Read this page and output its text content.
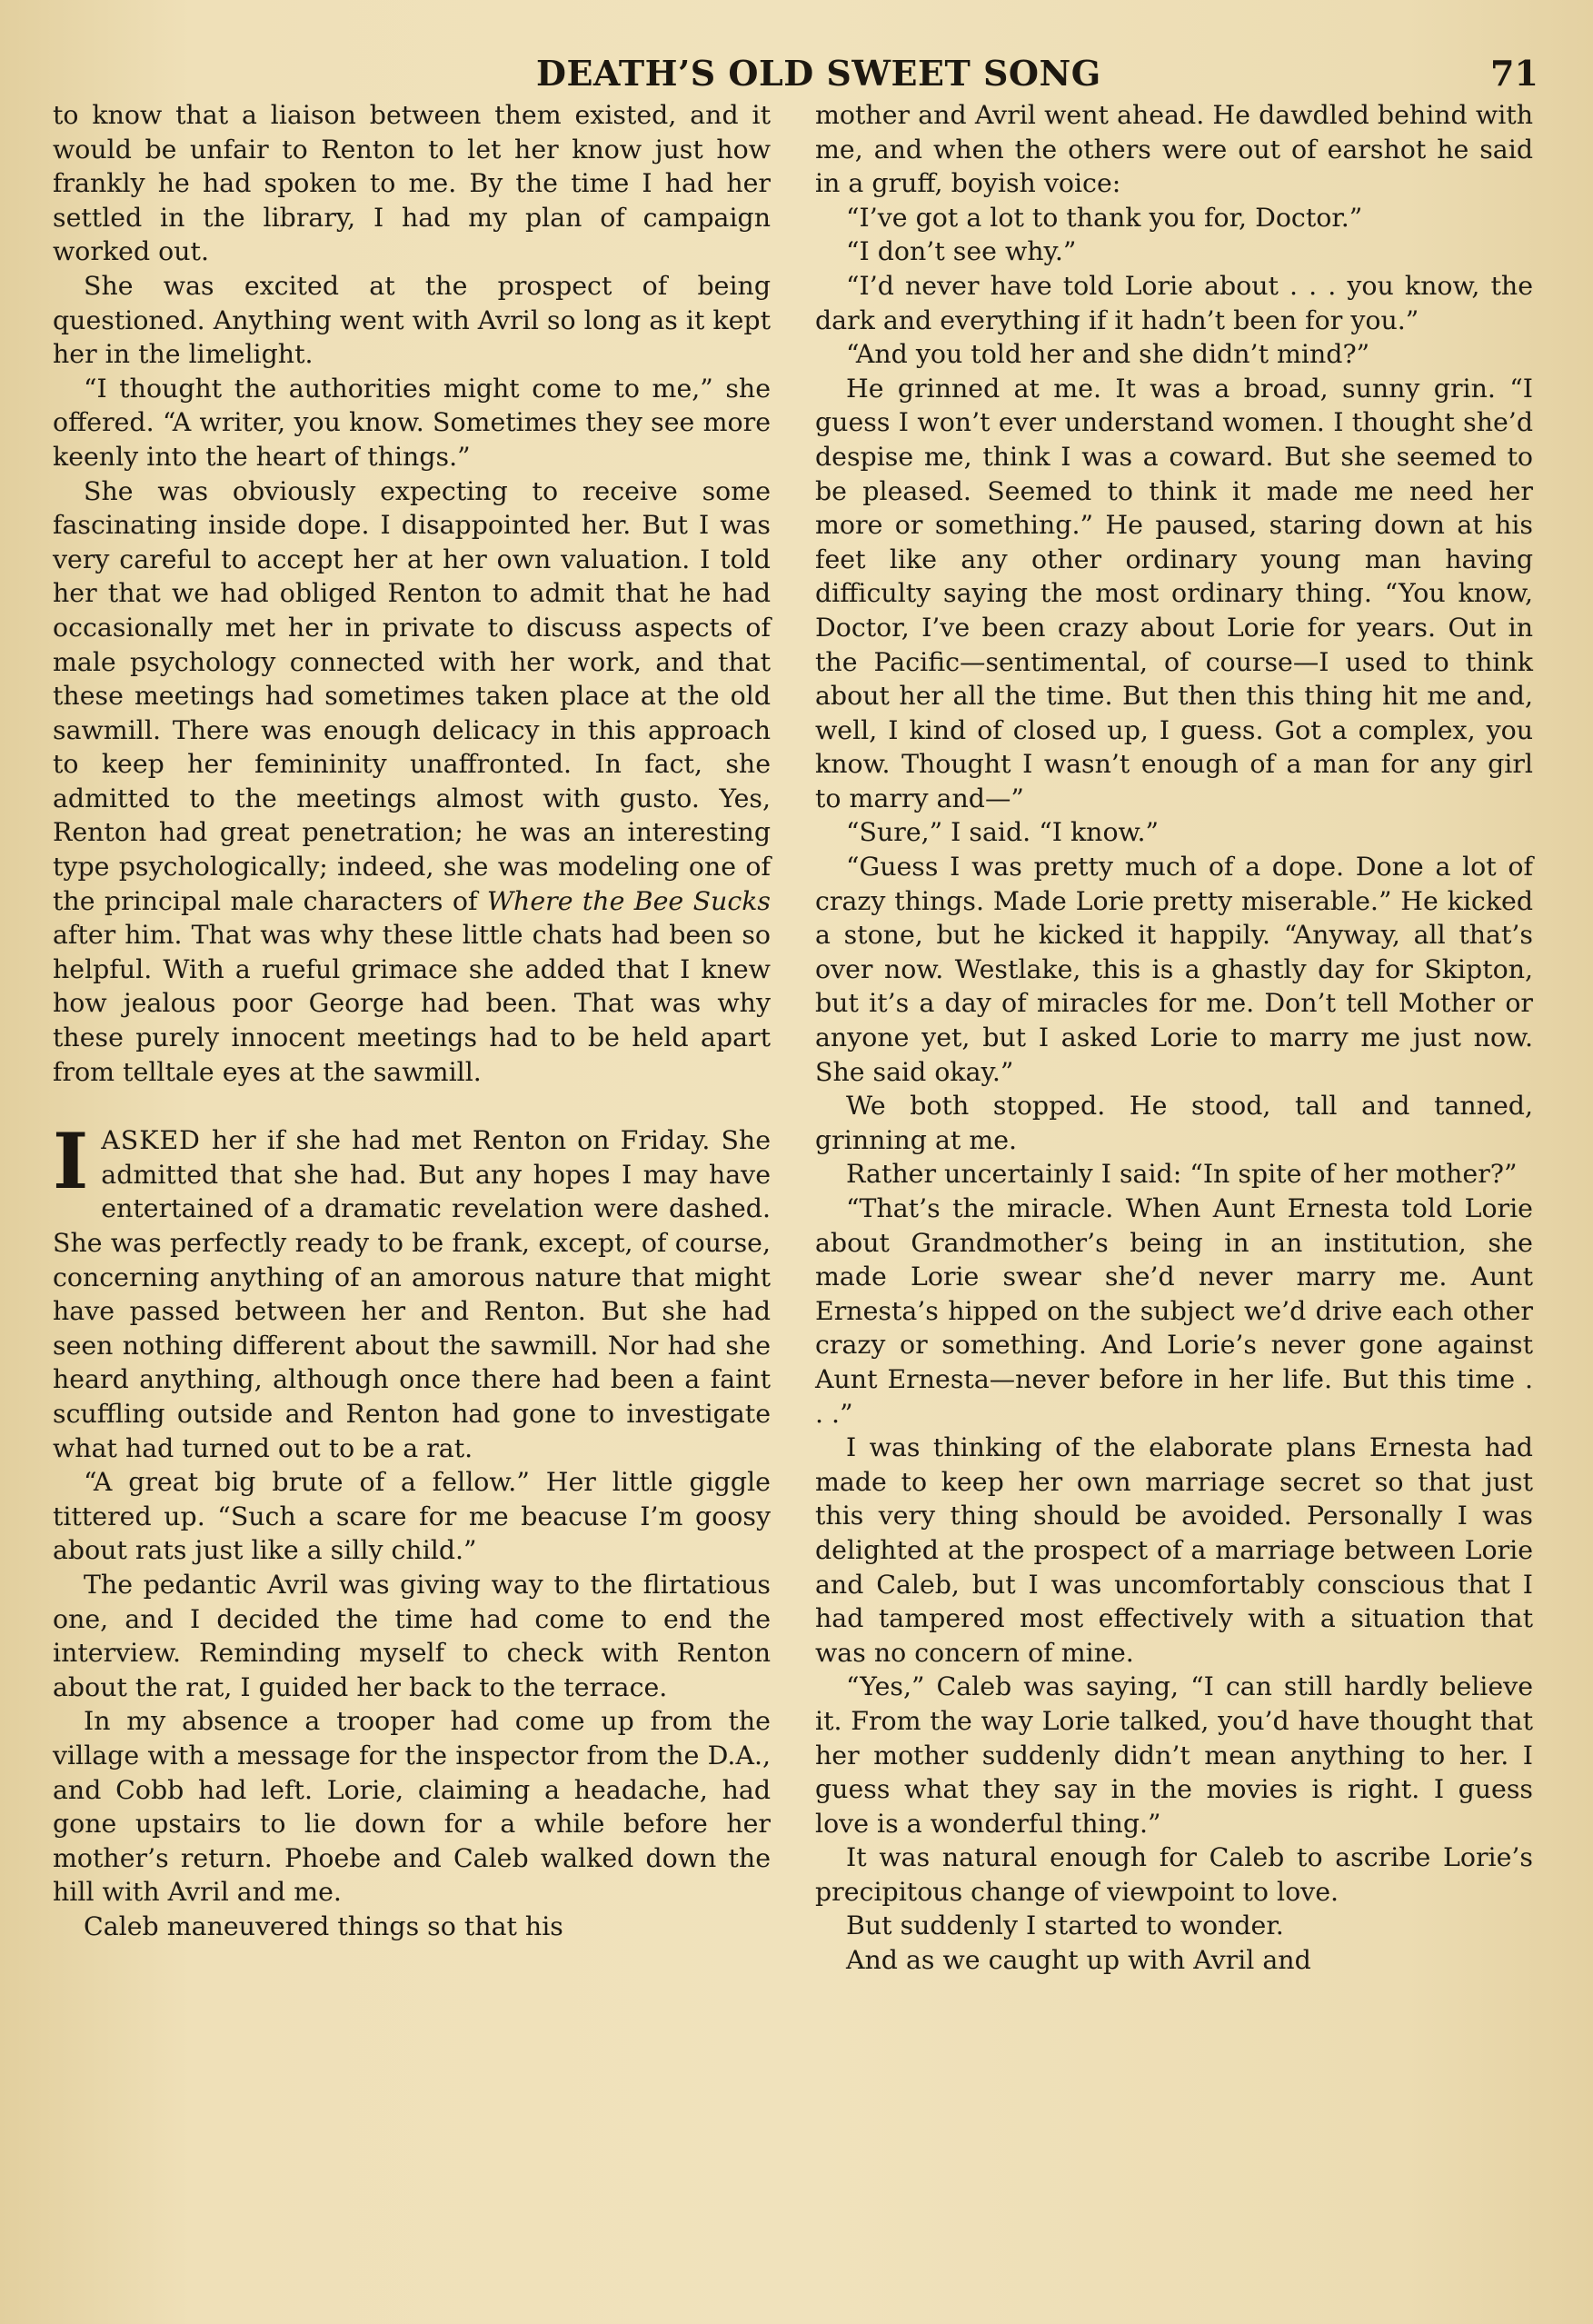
DEATH’S OLD SWEET SONG	71

to know that a liaison between them existed, and it would be unfair to Renton to let her know just how frankly he had spoken to me. By the time I had her settled in the library, I had my plan of campaign worked out.

She was excited at the prospect of being questioned. Anything went with Avril so long as it kept her in the limelight.

“I thought the authorities might come to me,” she offered. “A writer, you know. Sometimes they see more keenly into the heart of things.”

She was obviously expecting to receive some fascinating inside dope. I disappointed her. But I was very careful to accept her at her own valuation. I told her that we had obliged Renton to admit that he had occasionally met her in private to discuss aspects of male psychology connected with her work, and that these meetings had sometimes taken place at the old sawmill. There was enough delicacy in this approach to keep her femininity unaffronted. In fact, she admitted to the meetings almost with gusto. Yes, Renton had great penetration; he was an interesting type psychologically; indeed, she was modeling one of the principal male characters of Where the Bee Sucks after him. That was why these little chats had been so helpful. With a rueful grimace she added that I knew how jealous poor George had been. That was why these purely innocent meetings had to be held apart from telltale eyes at the sawmill.

IASKED her if she had met Renton on Friday. She admitted that she had. But any hopes I may have entertained of a dramatic revelation were dashed. She was perfectly ready to be frank, except, of course, concerning anything of an amorous nature that might have passed between her and Renton. But she had seen nothing different about the sawmill. Nor had she heard anything, although once there had been a faint scuffling outside and Renton had gone to investigate what had turned out to be a rat.

“A great big brute of a fellow.” Her little giggle tittered up. “Such a scare for me beacuse I’m goosy about rats just like a silly child.”

The pedantic Avril was giving way to the flirtatious one, and I decided the time had come to end the interview. Reminding myself to check with Renton about the rat, I guided her back to the terrace.

In my absence a trooper had come up from the village with a message for the inspector from the D.A., and Cobb had left. Lorie, claiming a headache, had gone upstairs to lie down for a while before her mother’s return. Phoebe and Caleb walked down the hill with Avril and me.

Caleb maneuvered things so that his

mother and Avril went ahead. He dawdled behind with me, and when the others were out of earshot he said in a gruff, boyish voice:

“I’ve got a lot to thank you for, Doctor.”

“I don’t see why.”

“I’d never have told Lorie about . . . you know, the dark and everything if it hadn’t been for you.”

“And you told her and she didn’t mind?”

He grinned at me. It was a broad, sunny grin. “I guess I won’t ever understand women. I thought she’d despise me, think I was a coward. But she seemed to be pleased. Seemed to think it made me need her more or something.” He paused, staring down at his feet like any other ordinary young man having difficulty saying the most ordinary thing. “You know, Doctor, I’ve been crazy about Lorie for years. Out in the Pacific—sentimental, of course—I used to think about her all the time. But then this thing hit me and, well, I kind of closed up, I guess. Got a complex, you know. Thought I wasn’t enough of a man for any girl to marry and—”

“Sure,” I said. “I know.”

“Guess I was pretty much of a dope. Done a lot of crazy things. Made Lorie pretty miserable.” He kicked a stone, but he kicked it happily. “Anyway, all that’s over now. Westlake, this is a ghastly day for Skipton, but it’s a day of miracles for me. Don’t tell Mother or anyone yet, but I asked Lorie to marry me just now. She said okay.”

We both stopped. He stood, tall and tanned, grinning at me.

Rather uncertainly I said: “In spite of her mother?”

“That’s the miracle. When Aunt Ernesta told Lorie about Grandmother’s being in an institution, she made Lorie swear she’d never marry me. Aunt Ernesta’s hipped on the subject we’d drive each other crazy or something. And Lorie’s never gone against Aunt Ernesta—never before in her life. But this time . . .”

I was thinking of the elaborate plans Ernesta had made to keep her own marriage secret so that just this very thing should be avoided. Personally I was delighted at the prospect of a marriage between Lorie and Caleb, but I was uncomfortably conscious that I had tampered most effectively with a situation that was no concern of mine.

“Yes,” Caleb was saying, “I can still hardly believe it. From the way Lorie talked, you’d have thought that her mother suddenly didn’t mean anything to her. I guess what they say in the movies is right. I guess love is a wonderful thing.”

It was natural enough for Caleb to ascribe Lorie’s precipitous change of viewpoint to love.

But suddenly I started to wonder.

And as we caught up with Avril and
